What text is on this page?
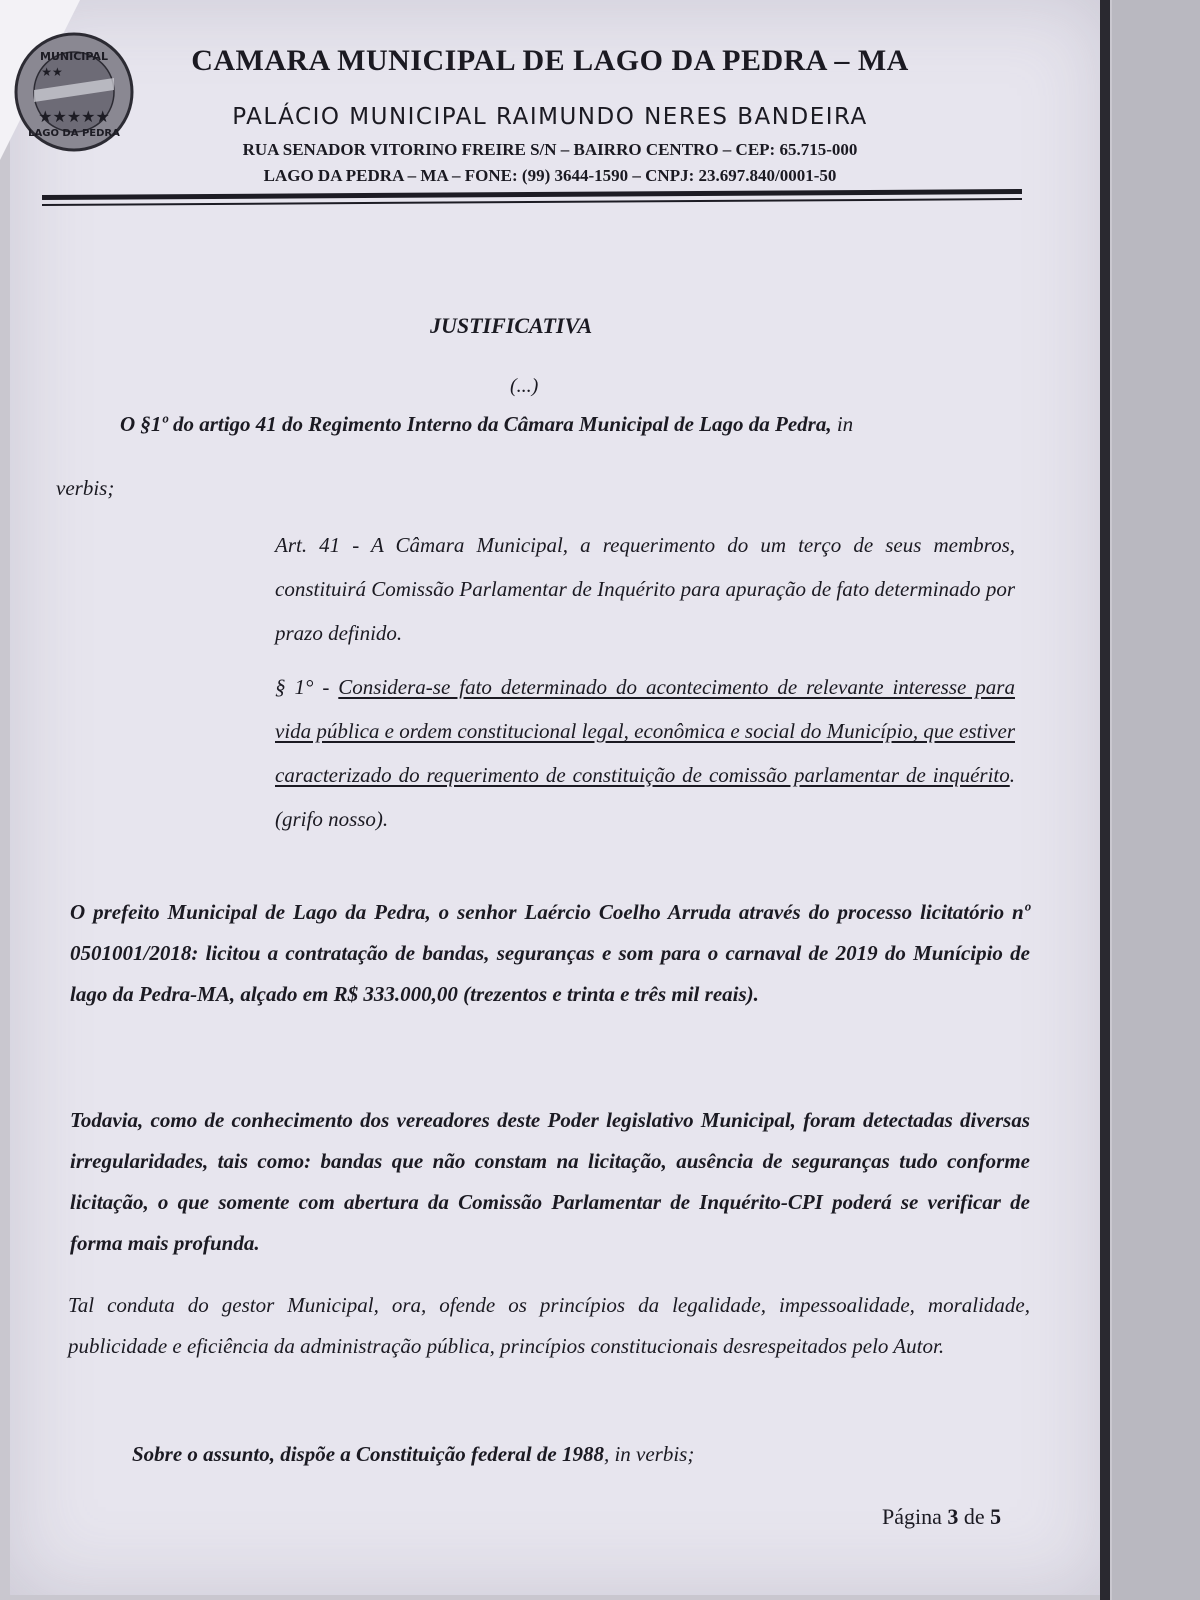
MUNICIPAL
LAGO DA PEDRA
★★★★★
★★	CAMARA MUNICIPAL DE LAGO DA PEDRA – MA
PALÁCIO MUNICIPAL RAIMUNDO NERES BANDEIRA
RUA SENADOR VITORINO FREIRE S/N – BAIRRO CENTRO – CEP: 65.715-000
LAGO DA PEDRA – MA – FONE: (99) 3644-1590 – CNPJ: 23.697.840/0001-50
JUSTIFICATIVA
(...)
O §1º do artigo 41 do Regimento Interno da Câmara Municipal de Lago da Pedra, in
verbis;
Art. 41 - A Câmara Municipal, a requerimento do um terço de seus membros, constituirá Comissão Parlamentar de Inquérito para apuração de fato determinado por prazo definido.
§ 1° - Considera-se fato determinado do acontecimento de relevante interesse para vida pública e ordem constitucional legal, econômica e social do Município, que estiver caracterizado do requerimento de constituição de comissão parlamentar de inquérito. (grifo nosso).
O prefeito Municipal de Lago da Pedra, o senhor Laércio Coelho Arruda através do processo licitatório nº 0501001/2018: licitou a contratação de bandas, seguranças e som para o carnaval de 2019 do Munícipio de lago da Pedra-MA, alçado em R$ 333.000,00 (trezentos e trinta e três mil reais).
Todavia, como de conhecimento dos vereadores deste Poder legislativo Municipal, foram detectadas diversas irregularidades, tais como: bandas que não constam na licitação, ausência de seguranças tudo conforme licitação, o que somente com abertura da Comissão Parlamentar de Inquérito-CPI poderá se verificar de forma mais profunda.
Tal conduta do gestor Municipal, ora, ofende os princípios da legalidade, impessoalidade, moralidade, publicidade e eficiência da administração pública, princípios constitucionais desrespeitados pelo Autor.
Sobre o assunto, dispõe a Constituição federal de 1988, in verbis;
Página 3 de 5
